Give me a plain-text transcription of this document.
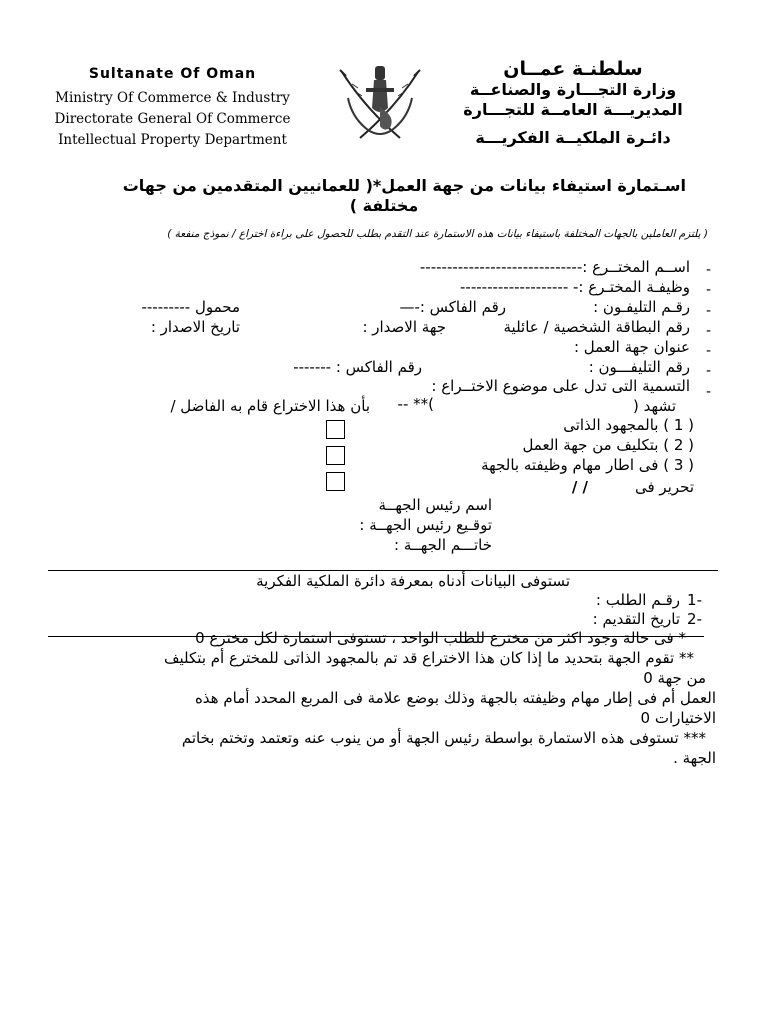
Sultanate Of Oman
Ministry Of Commerce & Industry
Directorate General Of Commerce
Intellectual Property Department
سلطنـة عمــان
وزارة التجـــارة والصناعــة
المديريـــة العامــة للتجـــارة
دائـرة الملكيــة الفكريـــة
اسـتمارة استيفاء بيانات من جهة العمل*( للعمانيين المتقدمين من جهات
مختلفة )
( يلتزم العاملين بالجهات المختلفة باستيفاء بيانات هذه الاستمارة عند التقدم بطلب للحصول على براءة اختراع / نموذج منفعة )
-
-
-
-
-
-
-
اســم المختــرع :------------------------------
وظيفـة المختـرع :- --------------------
رقـم التليفـون :
رقم الفاكس :-—
محمول ---------
رقم البطاقة الشخصية / عائلية
جهة الاصدار :
تاريخ الاصدار :
عنوان جهة العمل :
رقم التليفـــون :
رقم الفاكس : -------
التسمية التى تدل على موضوع الاختــراع :
تشهد (
)** --
بأن هذا الاختراع قام به الفاضل /
( 1 ) بالمجهود الذاتى
( 2 ) بتكليف من جهة العمل
( 3 ) فى اطار مهام وظيفته بالجهة
تحرير فى
/ /
اسم رئيس الجهــة
توقـيع رئيس الجهــة :
خاتـــم الجهــة :
تستوفى البيانات أدناه بمعرفة دائرة الملكية الفكرية
رقـم الطلب : -1
تاريخ التقديم : -2
* فى حالة وجود اكثر من مخترع للطلب الواحد ، تستوفى استمارة لكل مخترع 0
** تقوم الجهة بتحديد ما إذا كان هذا الاختراع قد تم بالمجهود الذاتى للمخترع أم بتكليف
من جهة 0
العمل أم فى إطار مهام وظيفته بالجهة وذلك بوضع علامة فى المربع المحدد أمام هذه
الاختيارات 0
*** تستوفى هذه الاستمارة بواسطة رئيس الجهة أو من ينوب عنه وتعتمد وتختم بخاتم
الجهة .
